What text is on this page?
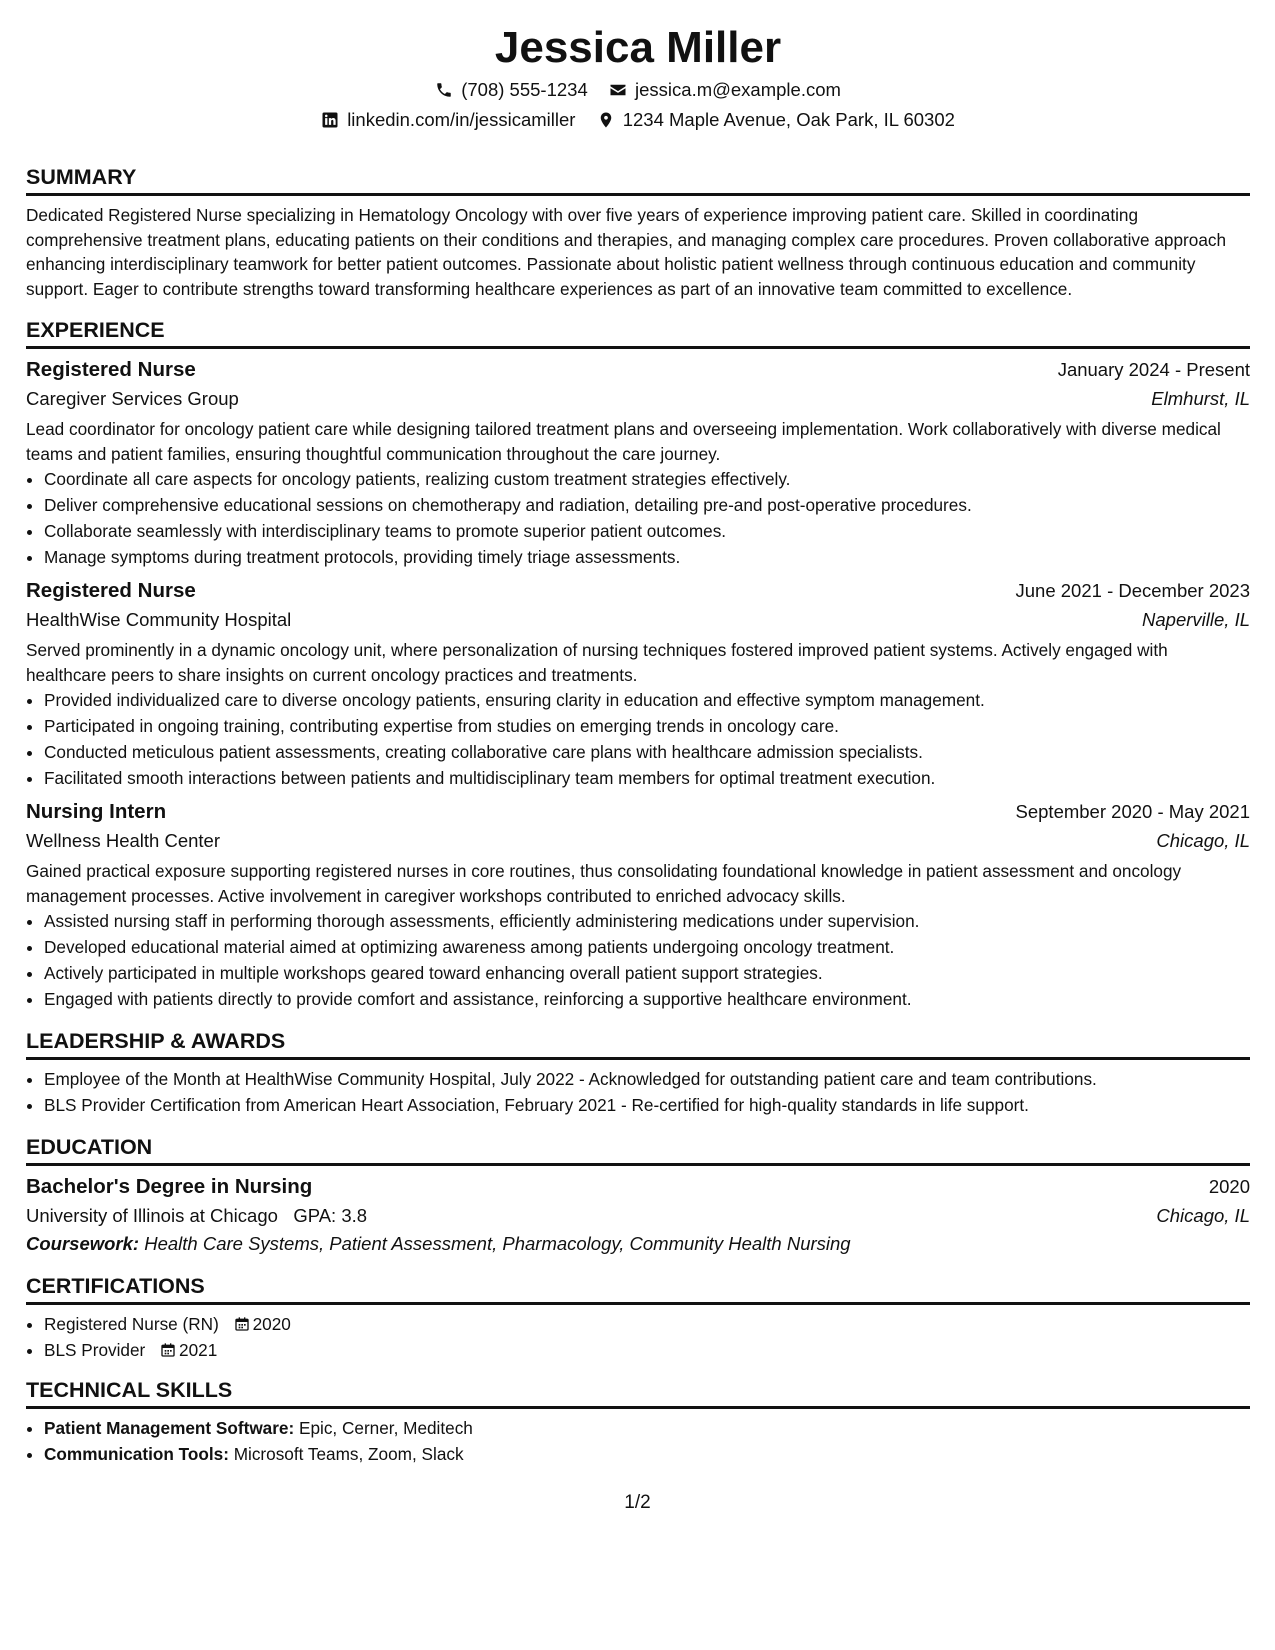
Jessica Miller
(708) 555-1234	jessica.m@example.com
linkedin.com/in/jessicamiller	1234 Maple Avenue, Oak Park, IL 60302
SUMMARY
Dedicated Registered Nurse specializing in Hematology Oncology with over five years of experience improving patient care. Skilled in coordinating comprehensive treatment plans, educating patients on their conditions and therapies, and managing complex care procedures. Proven collaborative approach enhancing interdisciplinary teamwork for better patient outcomes. Passionate about holistic patient wellness through continuous education and community support. Eager to contribute strengths toward transforming healthcare experiences as part of an innovative team committed to excellence.
EXPERIENCE
Registered Nurse	January 2024 - Present
Caregiver Services Group	Elmhurst, IL
Lead coordinator for oncology patient care while designing tailored treatment plans and overseeing implementation. Work collaboratively with diverse medical teams and patient families, ensuring thoughtful communication throughout the care journey.
• Coordinate all care aspects for oncology patients, realizing custom treatment strategies effectively.
• Deliver comprehensive educational sessions on chemotherapy and radiation, detailing pre-and post-operative procedures.
• Collaborate seamlessly with interdisciplinary teams to promote superior patient outcomes.
• Manage symptoms during treatment protocols, providing timely triage assessments.
Registered Nurse	June 2021 - December 2023
HealthWise Community Hospital	Naperville, IL
Served prominently in a dynamic oncology unit, where personalization of nursing techniques fostered improved patient systems. Actively engaged with healthcare peers to share insights on current oncology practices and treatments.
• Provided individualized care to diverse oncology patients, ensuring clarity in education and effective symptom management.
• Participated in ongoing training, contributing expertise from studies on emerging trends in oncology care.
• Conducted meticulous patient assessments, creating collaborative care plans with healthcare admission specialists.
• Facilitated smooth interactions between patients and multidisciplinary team members for optimal treatment execution.
Nursing Intern	September 2020 - May 2021
Wellness Health Center	Chicago, IL
Gained practical exposure supporting registered nurses in core routines, thus consolidating foundational knowledge in patient assessment and oncology management processes. Active involvement in caregiver workshops contributed to enriched advocacy skills.
• Assisted nursing staff in performing thorough assessments, efficiently administering medications under supervision.
• Developed educational material aimed at optimizing awareness among patients undergoing oncology treatment.
• Actively participated in multiple workshops geared toward enhancing overall patient support strategies.
• Engaged with patients directly to provide comfort and assistance, reinforcing a supportive healthcare environment.
LEADERSHIP & AWARDS
• Employee of the Month at HealthWise Community Hospital, July 2022 - Acknowledged for outstanding patient care and team contributions.
• BLS Provider Certification from American Heart Association, February 2021 - Re-certified for high-quality standards in life support.
EDUCATION
Bachelor's Degree in Nursing	2020
University of Illinois at Chicago GPA: 3.8	Chicago, IL
Coursework: Health Care Systems, Patient Assessment, Pharmacology, Community Health Nursing
CERTIFICATIONS
• Registered Nurse (RN) 2020
• BLS Provider 2021
TECHNICAL SKILLS
• Patient Management Software: Epic, Cerner, Meditech
• Communication Tools: Microsoft Teams, Zoom, Slack
1/2
